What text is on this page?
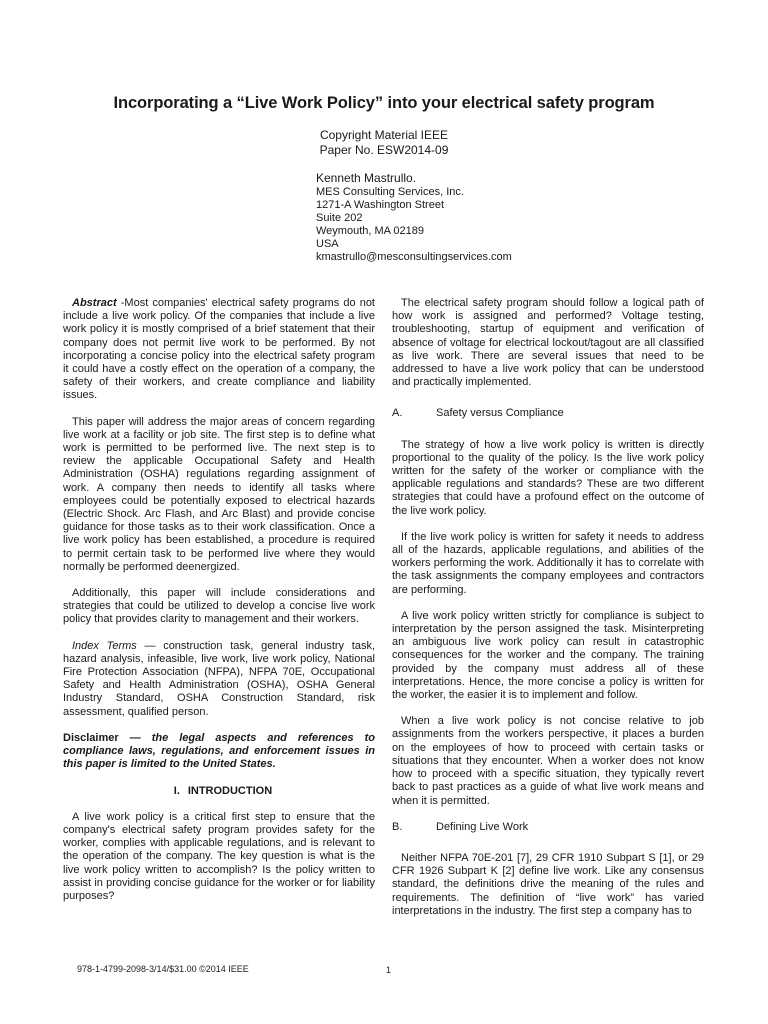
Incorporating a “Live Work Policy” into your electrical safety program
Copyright Material IEEE
Paper No. ESW2014-09
Kenneth Mastrullo.
MES Consulting Services, Inc.
1271-A Washington Street
Suite 202
Weymouth, MA 02189
USA
kmastrullo@mesconsultingservices.com

Abstract -Most companies' electrical safety programs do not include a live work policy. Of the companies that include a live work policy it is mostly comprised of a brief statement that their company does not permit live work to be performed. By not incorporating a concise policy into the electrical safety program it could have a costly effect on the operation of a company, the safety of their workers, and create compliance and liability issues.

This paper will address the major areas of concern regarding live work at a facility or job site. The first step is to define what work is permitted to be performed live. The next step is to review the applicable Occupational Safety and Health Administration (OSHA) regulations regarding assignment of work. A company then needs to identify all tasks where employees could be potentially exposed to electrical hazards (Electric Shock. Arc Flash, and Arc Blast) and provide concise guidance for those tasks as to their work classification. Once a live work policy has been established, a procedure is required to permit certain task to be performed live where they would normally be performed deenergized.

Additionally, this paper will include considerations and strategies that could be utilized to develop a concise live work policy that provides clarity to management and their workers.

Index Terms — construction task, general industry task, hazard analysis, infeasible, live work, live work policy, National Fire Protection Association (NFPA), NFPA 70E, Occupational Safety and Health Administration (OSHA), OSHA General Industry Standard, OSHA Construction Standard, risk assessment, qualified person.

Disclaimer — the legal aspects and references to compliance laws, regulations, and enforcement issues in this paper is limited to the United States.

I. INTRODUCTION

A live work policy is a critical first step to ensure that the company's electrical safety program provides safety for the worker, complies with applicable regulations, and is relevant to the operation of the company. The key question is what is the live work policy written to accomplish? Is the policy written to assist in providing concise guidance for the worker or for liability purposes?

The electrical safety program should follow a logical path of how work is assigned and performed? Voltage testing, troubleshooting, startup of equipment and verification of absence of voltage for electrical lockout/tagout are all classified as live work. There are several issues that need to be addressed to have a live work policy that can be understood and practically implemented.

A.	Safety versus Compliance

The strategy of how a live work policy is written is directly proportional to the quality of the policy. Is the live work policy written for the safety of the worker or compliance with the applicable regulations and standards? These are two different strategies that could have a profound effect on the outcome of the live work policy.

If the live work policy is written for safety it needs to address all of the hazards, applicable regulations, and abilities of the workers performing the work. Additionally it has to correlate with the task assignments the company employees and contractors are performing.

A live work policy written strictly for compliance is subject to interpretation by the person assigned the task. Misinterpreting an ambiguous live work policy can result in catastrophic consequences for the worker and the company. The training provided by the company must address all of these interpretations. Hence, the more concise a policy is written for the worker, the easier it is to implement and follow.

When a live work policy is not concise relative to job assignments from the workers perspective, it places a burden on the employees of how to proceed with certain tasks or situations that they encounter. When a worker does not know how to proceed with a specific situation, they typically revert back to past practices as a guide of what live work means and when it is permitted.

B.	Defining Live Work

Neither NFPA 70E-201 [7], 29 CFR 1910 Subpart S [1], or 29 CFR 1926 Subpart K [2] define live work. Like any consensus standard, the definitions drive the meaning of the rules and requirements. The definition of “live work” has varied interpretations in the industry. The first step a company has to

978-1-4799-2098-3/14/$31.00 ©2014 IEEE	1
